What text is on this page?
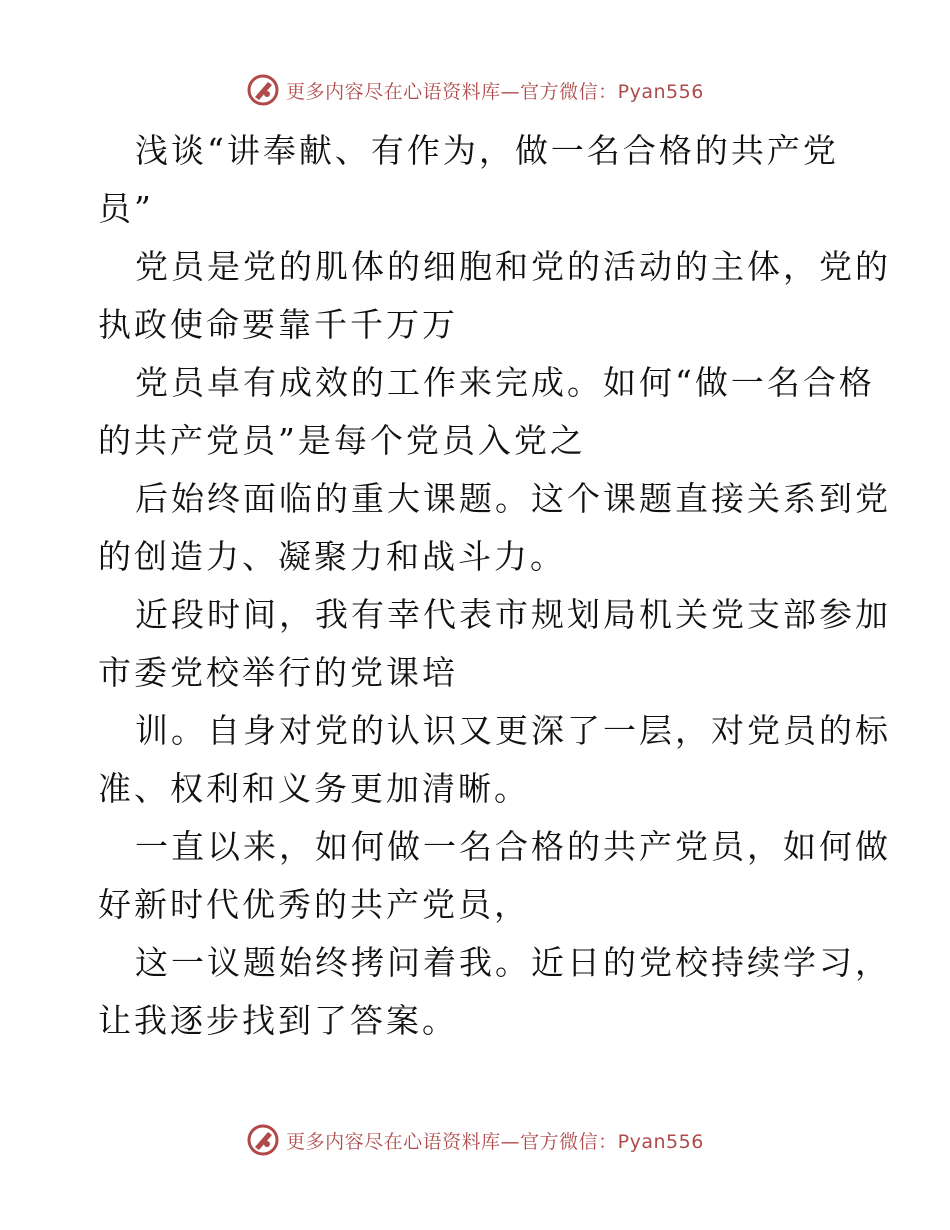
更多内容尽在心语资料库—官方微信：Pyan556
浅谈“讲奉献、有作为，做一名合格的共产党
员”
党员是党的肌体的细胞和党的活动的主体，党的
执政使命要靠千千万万
党员卓有成效的工作来完成。如何“做一名合格
的共产党员”是每个党员入党之
后始终面临的重大课题。这个课题直接关系到党
的创造力、凝聚力和战斗力。
近段时间，我有幸代表市规划局机关党支部参加
市委党校举行的党课培
训。自身对党的认识又更深了一层，对党员的标
准、权利和义务更加清晰。
一直以来，如何做一名合格的共产党员，如何做
好新时代优秀的共产党员，
这一议题始终拷问着我。近日的党校持续学习，
让我逐步找到了答案。
更多内容尽在心语资料库—官方微信：Pyan556
